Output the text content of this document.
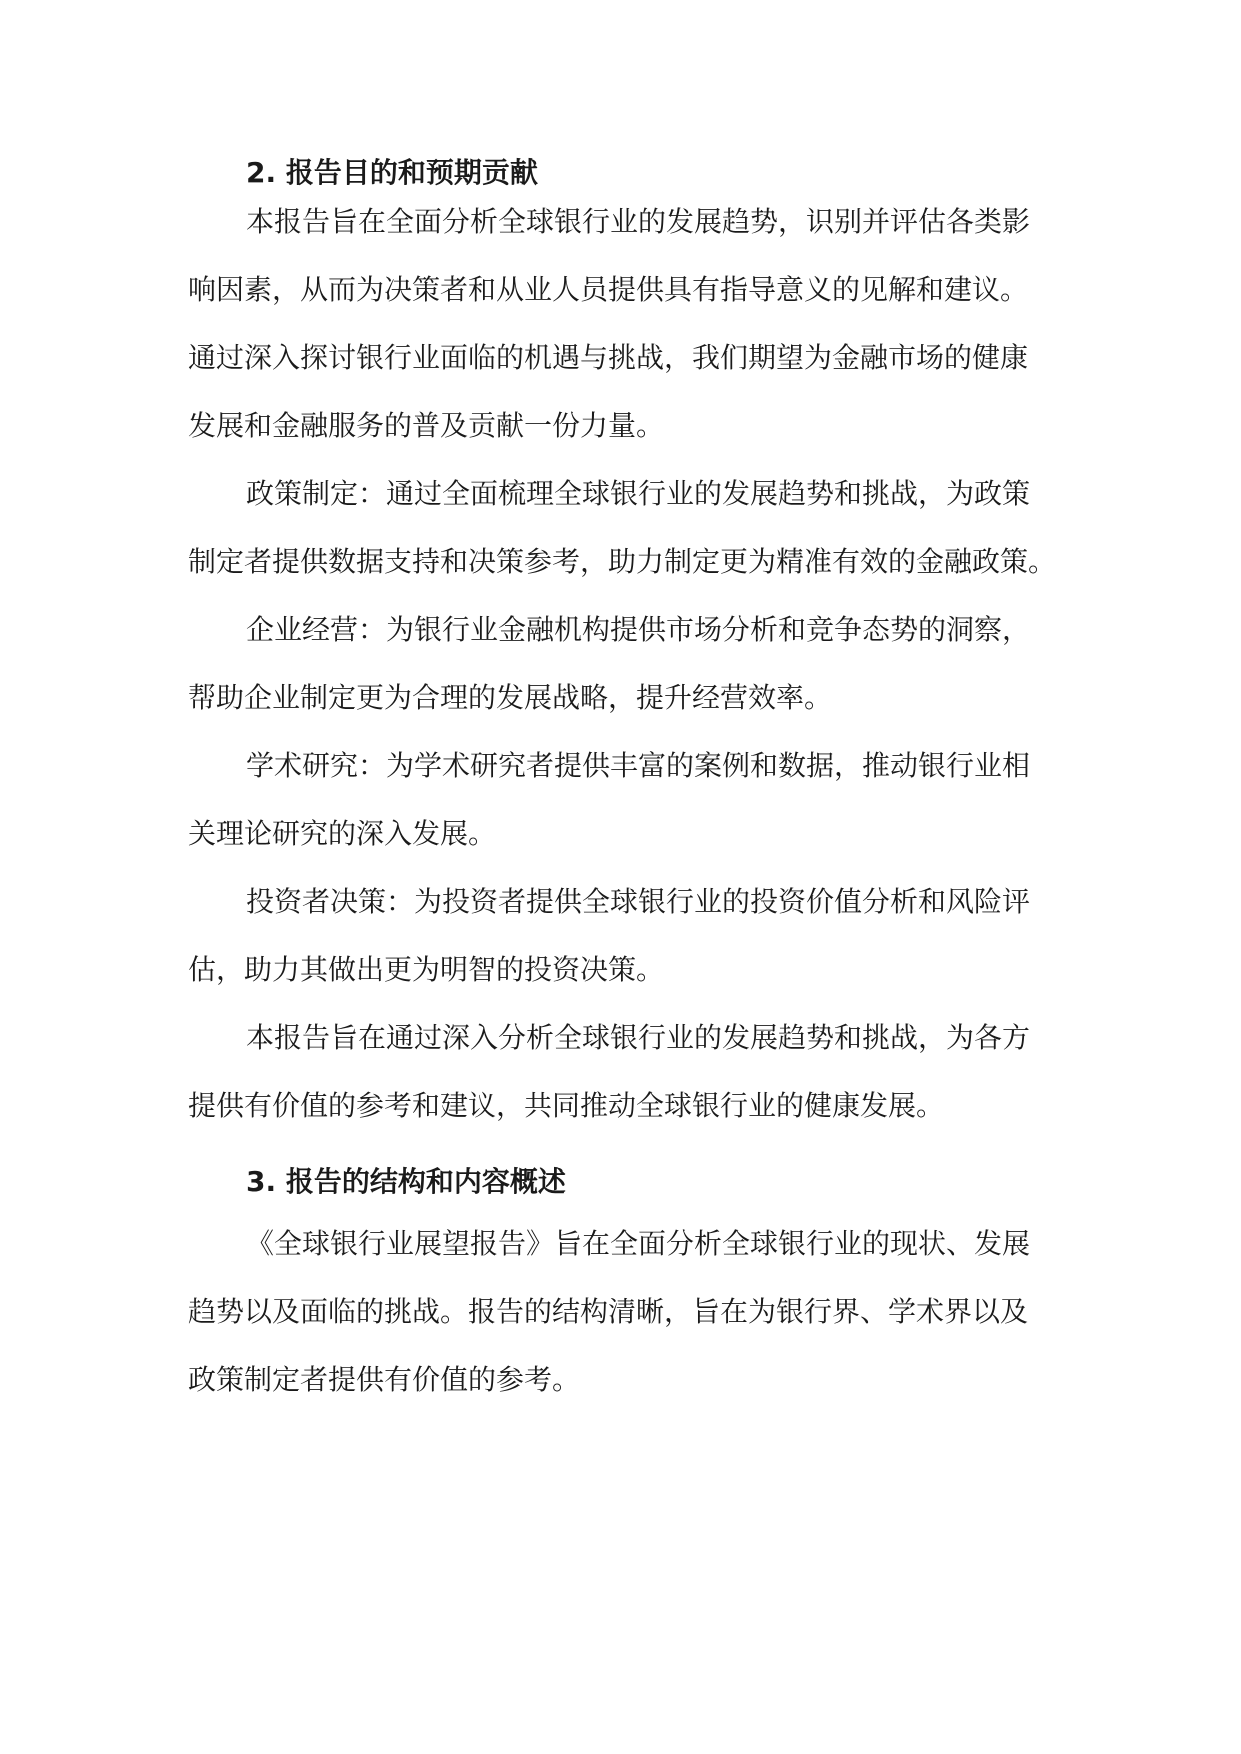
2. 报告目的和预期贡献

本报告旨在全面分析全球银行业的发展趋势，识别并评估各类影

响因素，从而为决策者和从业人员提供具有指导意义的见解和建议。

通过深入探讨银行业面临的机遇与挑战，我们期望为金融市场的健康

发展和金融服务的普及贡献一份力量。

政策制定：通过全面梳理全球银行业的发展趋势和挑战，为政策

制定者提供数据支持和决策参考，助力制定更为精准有效的金融政策。

企业经营：为银行业金融机构提供市场分析和竞争态势的洞察，

帮助企业制定更为合理的发展战略，提升经营效率。

学术研究：为学术研究者提供丰富的案例和数据，推动银行业相

关理论研究的深入发展。

投资者决策：为投资者提供全球银行业的投资价值分析和风险评

估，助力其做出更为明智的投资决策。

本报告旨在通过深入分析全球银行业的发展趋势和挑战，为各方

提供有价值的参考和建议，共同推动全球银行业的健康发展。

3. 报告的结构和内容概述

《全球银行业展望报告》旨在全面分析全球银行业的现状、发展

趋势以及面临的挑战。报告的结构清晰，旨在为银行界、学术界以及

政策制定者提供有价值的参考。
